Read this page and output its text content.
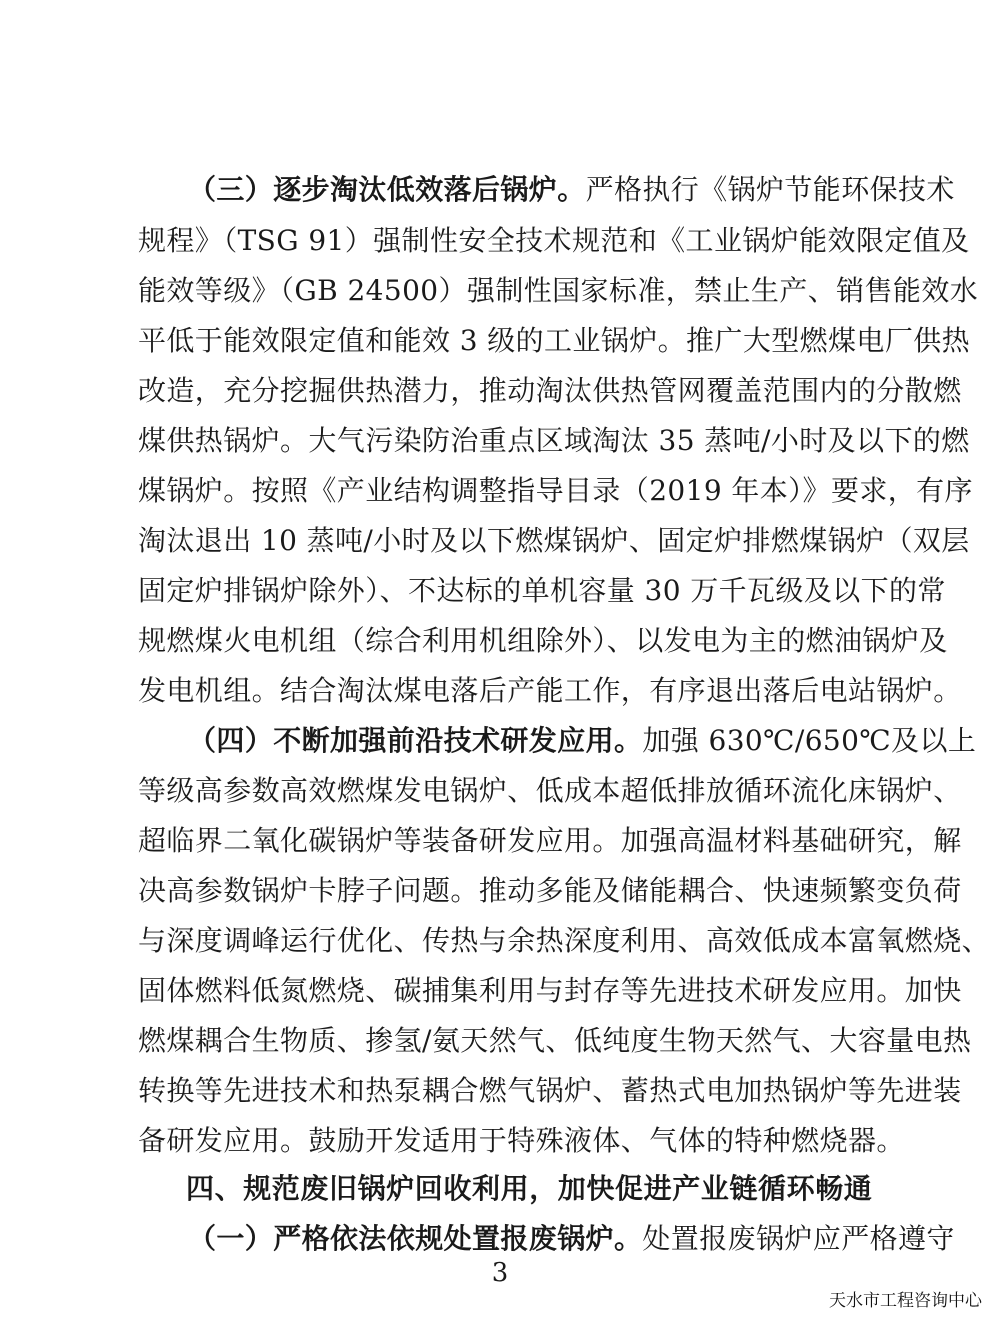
（三）逐步淘汰低效落后锅炉。严格执行《锅炉节能环保技术
规程》（TSG 91）强制性安全技术规范和《工业锅炉能效限定值及
能效等级》（GB 24500）强制性国家标准，禁止生产、销售能效水
平低于能效限定值和能效 3 级的工业锅炉。推广大型燃煤电厂供热
改造，充分挖掘供热潜力，推动淘汰供热管网覆盖范围内的分散燃
煤供热锅炉。大气污染防治重点区域淘汰 35 蒸吨/小时及以下的燃
煤锅炉。按照《产业结构调整指导目录（2019 年本）》要求，有序
淘汰退出 10 蒸吨/小时及以下燃煤锅炉、固定炉排燃煤锅炉（双层
固定炉排锅炉除外）、不达标的单机容量 30 万千瓦级及以下的常
规燃煤火电机组（综合利用机组除外）、以发电为主的燃油锅炉及
发电机组。结合淘汰煤电落后产能工作，有序退出落后电站锅炉。
（四）不断加强前沿技术研发应用。加强 630℃/650℃及以上
等级高参数高效燃煤发电锅炉、低成本超低排放循环流化床锅炉、
超临界二氧化碳锅炉等装备研发应用。加强高温材料基础研究，解
决高参数锅炉卡脖子问题。推动多能及储能耦合、快速频繁变负荷
与深度调峰运行优化、传热与余热深度利用、高效低成本富氧燃烧、
固体燃料低氮燃烧、碳捕集利用与封存等先进技术研发应用。加快
燃煤耦合生物质、掺氢/氨天然气、低纯度生物天然气、大容量电热
转换等先进技术和热泵耦合燃气锅炉、蓄热式电加热锅炉等先进装
备研发应用。鼓励开发适用于特殊液体、气体的特种燃烧器。
四、规范废旧锅炉回收利用，加快促进产业链循环畅通
（一）严格依法依规处置报废锅炉。处置报废锅炉应严格遵守
3
天水市工程咨询中心
